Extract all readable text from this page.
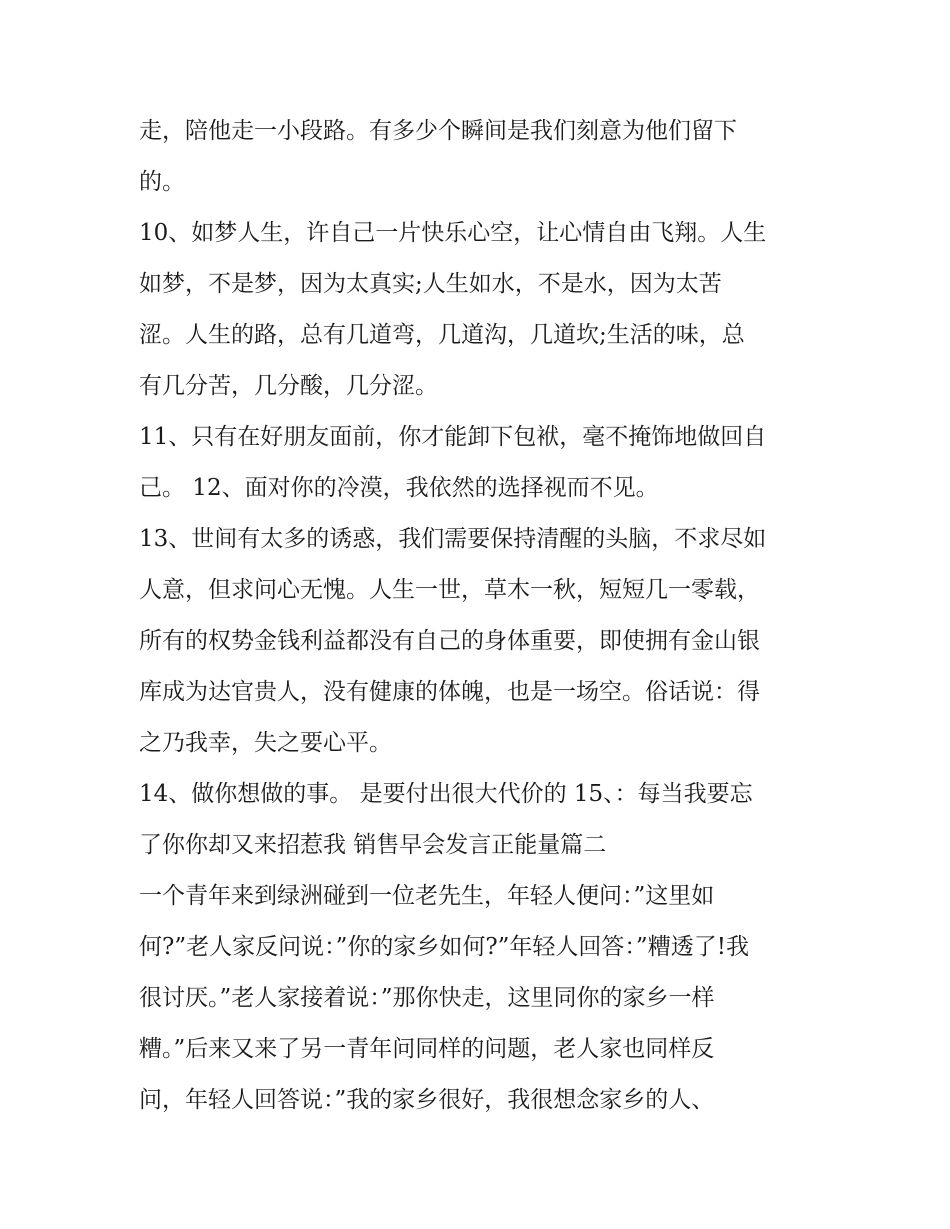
走，陪他走一小段路。有多少个瞬间是我们刻意为他们留下
的。
10、如梦人生，许自己一片快乐心空，让心情自由飞翔。人生
如梦，不是梦，因为太真实;人生如水，不是水，因为太苦
涩。人生的路，总有几道弯，几道沟，几道坎;生活的味，总
有几分苦，几分酸，几分涩。
11、只有在好朋友面前，你才能卸下包袱，毫不掩饰地做回自
己。 12、面对你的冷漠，我依然的选择视而不见。
13、世间有太多的诱惑，我们需要保持清醒的头脑，不求尽如
人意，但求问心无愧。人生一世，草木一秋，短短几一零载，
所有的权势金钱利益都没有自己的身体重要，即使拥有金山银
库成为达官贵人，没有健康的体魄，也是一场空。俗话说：得
之乃我幸，失之要心平。
14、做你想做的事。 是要付出很大代价的 15、：每当我要忘
了你你却又来招惹我 销售早会发言正能量篇二
一个青年来到绿洲碰到一位老先生，年轻人便问：”这里如
何?”老人家反问说：”你的家乡如何?”年轻人回答：”糟透了!我
很讨厌。”老人家接着说：”那你快走，这里同你的家乡一样
糟。”后来又来了另一青年问同样的问题，老人家也同样反
问，年轻人回答说：”我的家乡很好，我很想念家乡的人、
